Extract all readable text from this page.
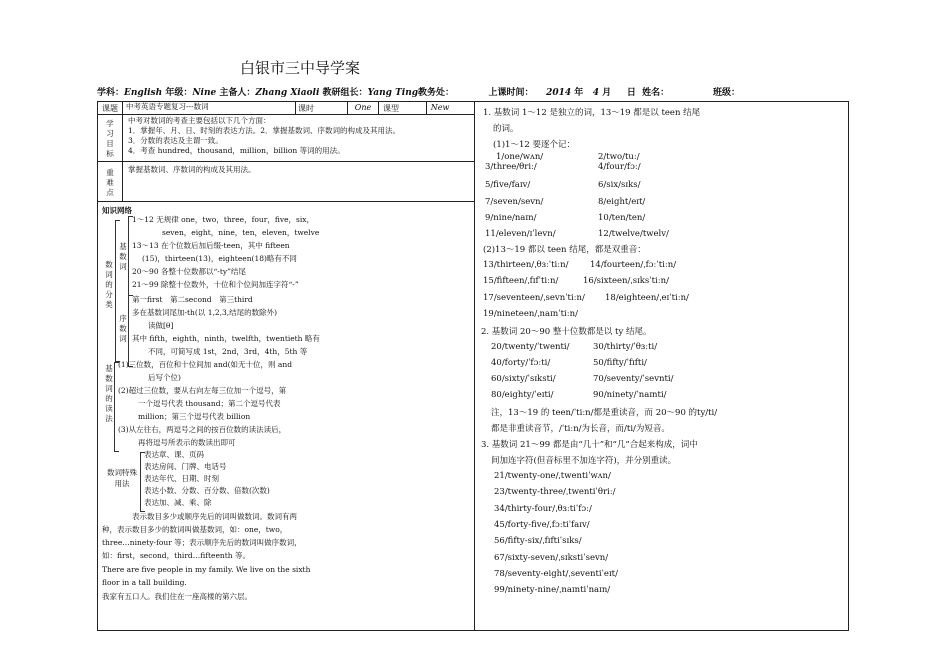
白银市三中导学案
学科：English 年级：Nine 主备人：Zhang Xiaoli 教研组长：Yang Ting教务处：	上课时间： 2014 年 4 月 日 姓名：	班级：
课题	中考英语专题复习---数词	课时	One	课型	New
学习目标
中考对数词的考查主要包括以下几个方面：
1．掌握年、月、日、时刻的表达方法。2．掌握基数词、序数词的构成及其用法。
3．分数的表达及主谓一致。
4．考查 hundred，thousand，million，billion 等词的用法。
重难点
掌握基数词、序数词的构成及其用法。
知识网络
数词的分类
基数词
1～12 无规律 one，two，three，four，five，six，
seven，eight，nine，ten，eleven，twelve
13～13 在个位数后加后缀-teen，其中 fifteen
(15)，thirteen(13)，eighteen(18)略有不同
20～90 各整十位数都以“-ty”结尾
21～99 除整十位数外，十位和个位间加连字符“-”
序数词
第一first　第二second　第三third
多在基数词尾加-th(以 1,2,3,结尾的数除外)
读做[θ]
其中 fifth，eighth，ninth，twelfth，twentieth 略有
不同，可简写成 1st，2nd，3rd，4th，5th 等
基数词的读法
(1)三位数，百位和十位间加 and(如无十位，则 and
后写个位)
(2)超过三位数，要从右向左每三位加一个逗号，第
一个逗号代表 thousand；第二个逗号代表
million；第三个逗号代表 billion
(3)从左往右，两逗号之间的按百位数的读法读后，
再将逗号所表示的数读出即可
数词特殊用法
表达章、课、页码
表达房间、门牌、电话号
表达年代、日期、时刻
表达小数、分数、百分数、倍数(次数)
表达加、减、乘、除
表示数目多少或顺序先后的词叫做数词。数词有两
种，表示数目多少的数词叫做基数词，如：one，two，
three…ninety-four 等；表示顺序先后的数词叫做序数词，
如：first，second，third…fifteenth 等。
There are five people in my family. We live on the sixth
floor in a tall building.
我家有五口人。我们住在一座高楼的第六层。
1. 基数词 1～12 是独立的词，13～19 都是以 teen 结尾
的词。
(1)1～12 要逐个记：
1/one/wʌn/	2/two/tuː/
3/three/θriː/	4/four/fɔː/
5/five/faɪv/	6/six/sɪks/
7/seven/sevn/	8/eight/eɪt/
9/nine/naɪn/	10/ten/ten/
11/eleven/ɪˈlevn/	12/twelve/twelv/
(2)13～19 都以 teen 结尾，都是双重音：
13/thirteen/ˌθɜːˈtiːn/	14/fourteen/ˌfɔːˈtiːn/
15/fifteen/ˌfɪfˈtiːn/	16/sixteen/ˌsɪksˈtiːn/
17/seventeen/ˌsevnˈtiːn/ 18/eighteen/ˌeɪˈtiːn/
19/nineteen/ˌnaɪnˈtiːn/
2. 基数词 20～90 整十位数都是以 ty 结尾。
20/twenty/ˈtwenti/	30/thirty/ˈθɜːti/
40/forty/ˈfɔːti/	50/fifty/ˈfɪfti/
60/sixty/ˈsɪksti/	70/seventy/ˈsevnti/
80/eighty/ˈeɪti/	90/ninety/ˈnaɪnti/
注，13～19 的 teen/ˈtiːn/都是重读音，而 20～90 的ty/ti/
都是非重读音节，/ˈtiːn/为长音，而/ti/为短音。
3. 基数词 21～99 都是由“几十”和“几”合起来构成，词中
间加连字符(但音标里不加连字符)，并分别重读。
21/twenty-one/ˌtwentiˈwʌn/
23/twenty-three/ˌtwentiˈθriː/
34/thirty-four/ˌθɜːtiˈfɔː/
45/forty-five/ˌfɔːtiˈfaɪv/
56/fifty-six/ˌfɪftiˈsɪks/
67/sixty-seven/ˌsɪkstiˈsevn/
78/seventy-eight/ˌseventiˈeɪt/
99/ninety-nine/ˌnaɪntiˈnaɪn/
